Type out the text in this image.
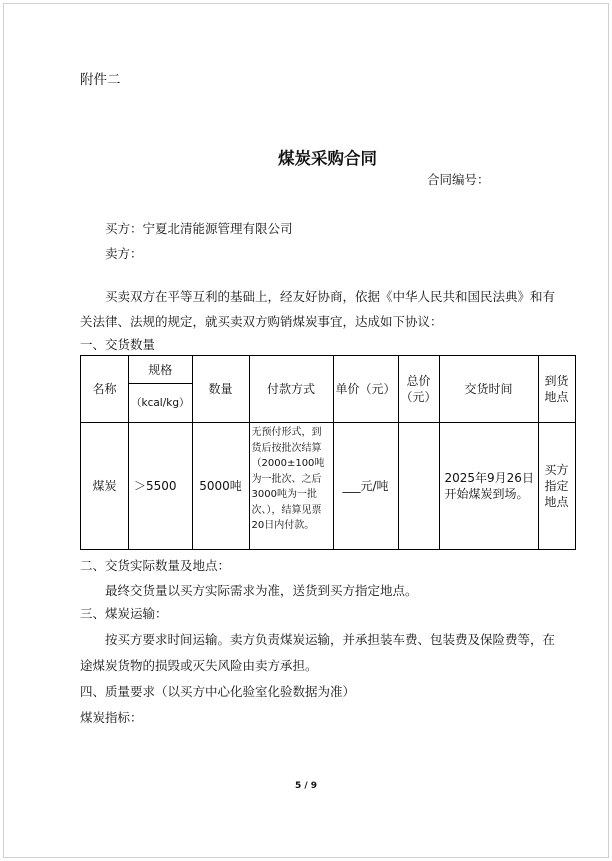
附件二
煤炭采购合同
合同编号：
买方：宁夏北清能源管理有限公司
卖方：
买卖双方在平等互利的基础上，经友好协商，依据《中华人民共和国民法典》和有
关法律、法规的规定，就买卖双方购销煤炭事宜，达成如下协议：
一、交货数量
名称	规格	数量	付款方式	单价（元）	总价（元）	交货时间	到货地点
	（kcal/kg）						
煤炭	＞5500	5000吨	无预付形式，到货后按批次结算（2000±100吨为一批次、之后3000吨为一批次、），结算见票20日内付款。	___元/吨		2025年9月26日开始煤炭到场。	买方指定地点
二、交货实际数量及地点：
最终交货量以买方实际需求为准，送货到买方指定地点。
三、煤炭运输：
按买方要求时间运输。卖方负责煤炭运输，并承担装车费、包装费及保险费等，在
途煤炭货物的损毁或灭失风险由卖方承担。
四、质量要求（以买方中心化验室化验数据为准）
煤炭指标：
5 / 9
